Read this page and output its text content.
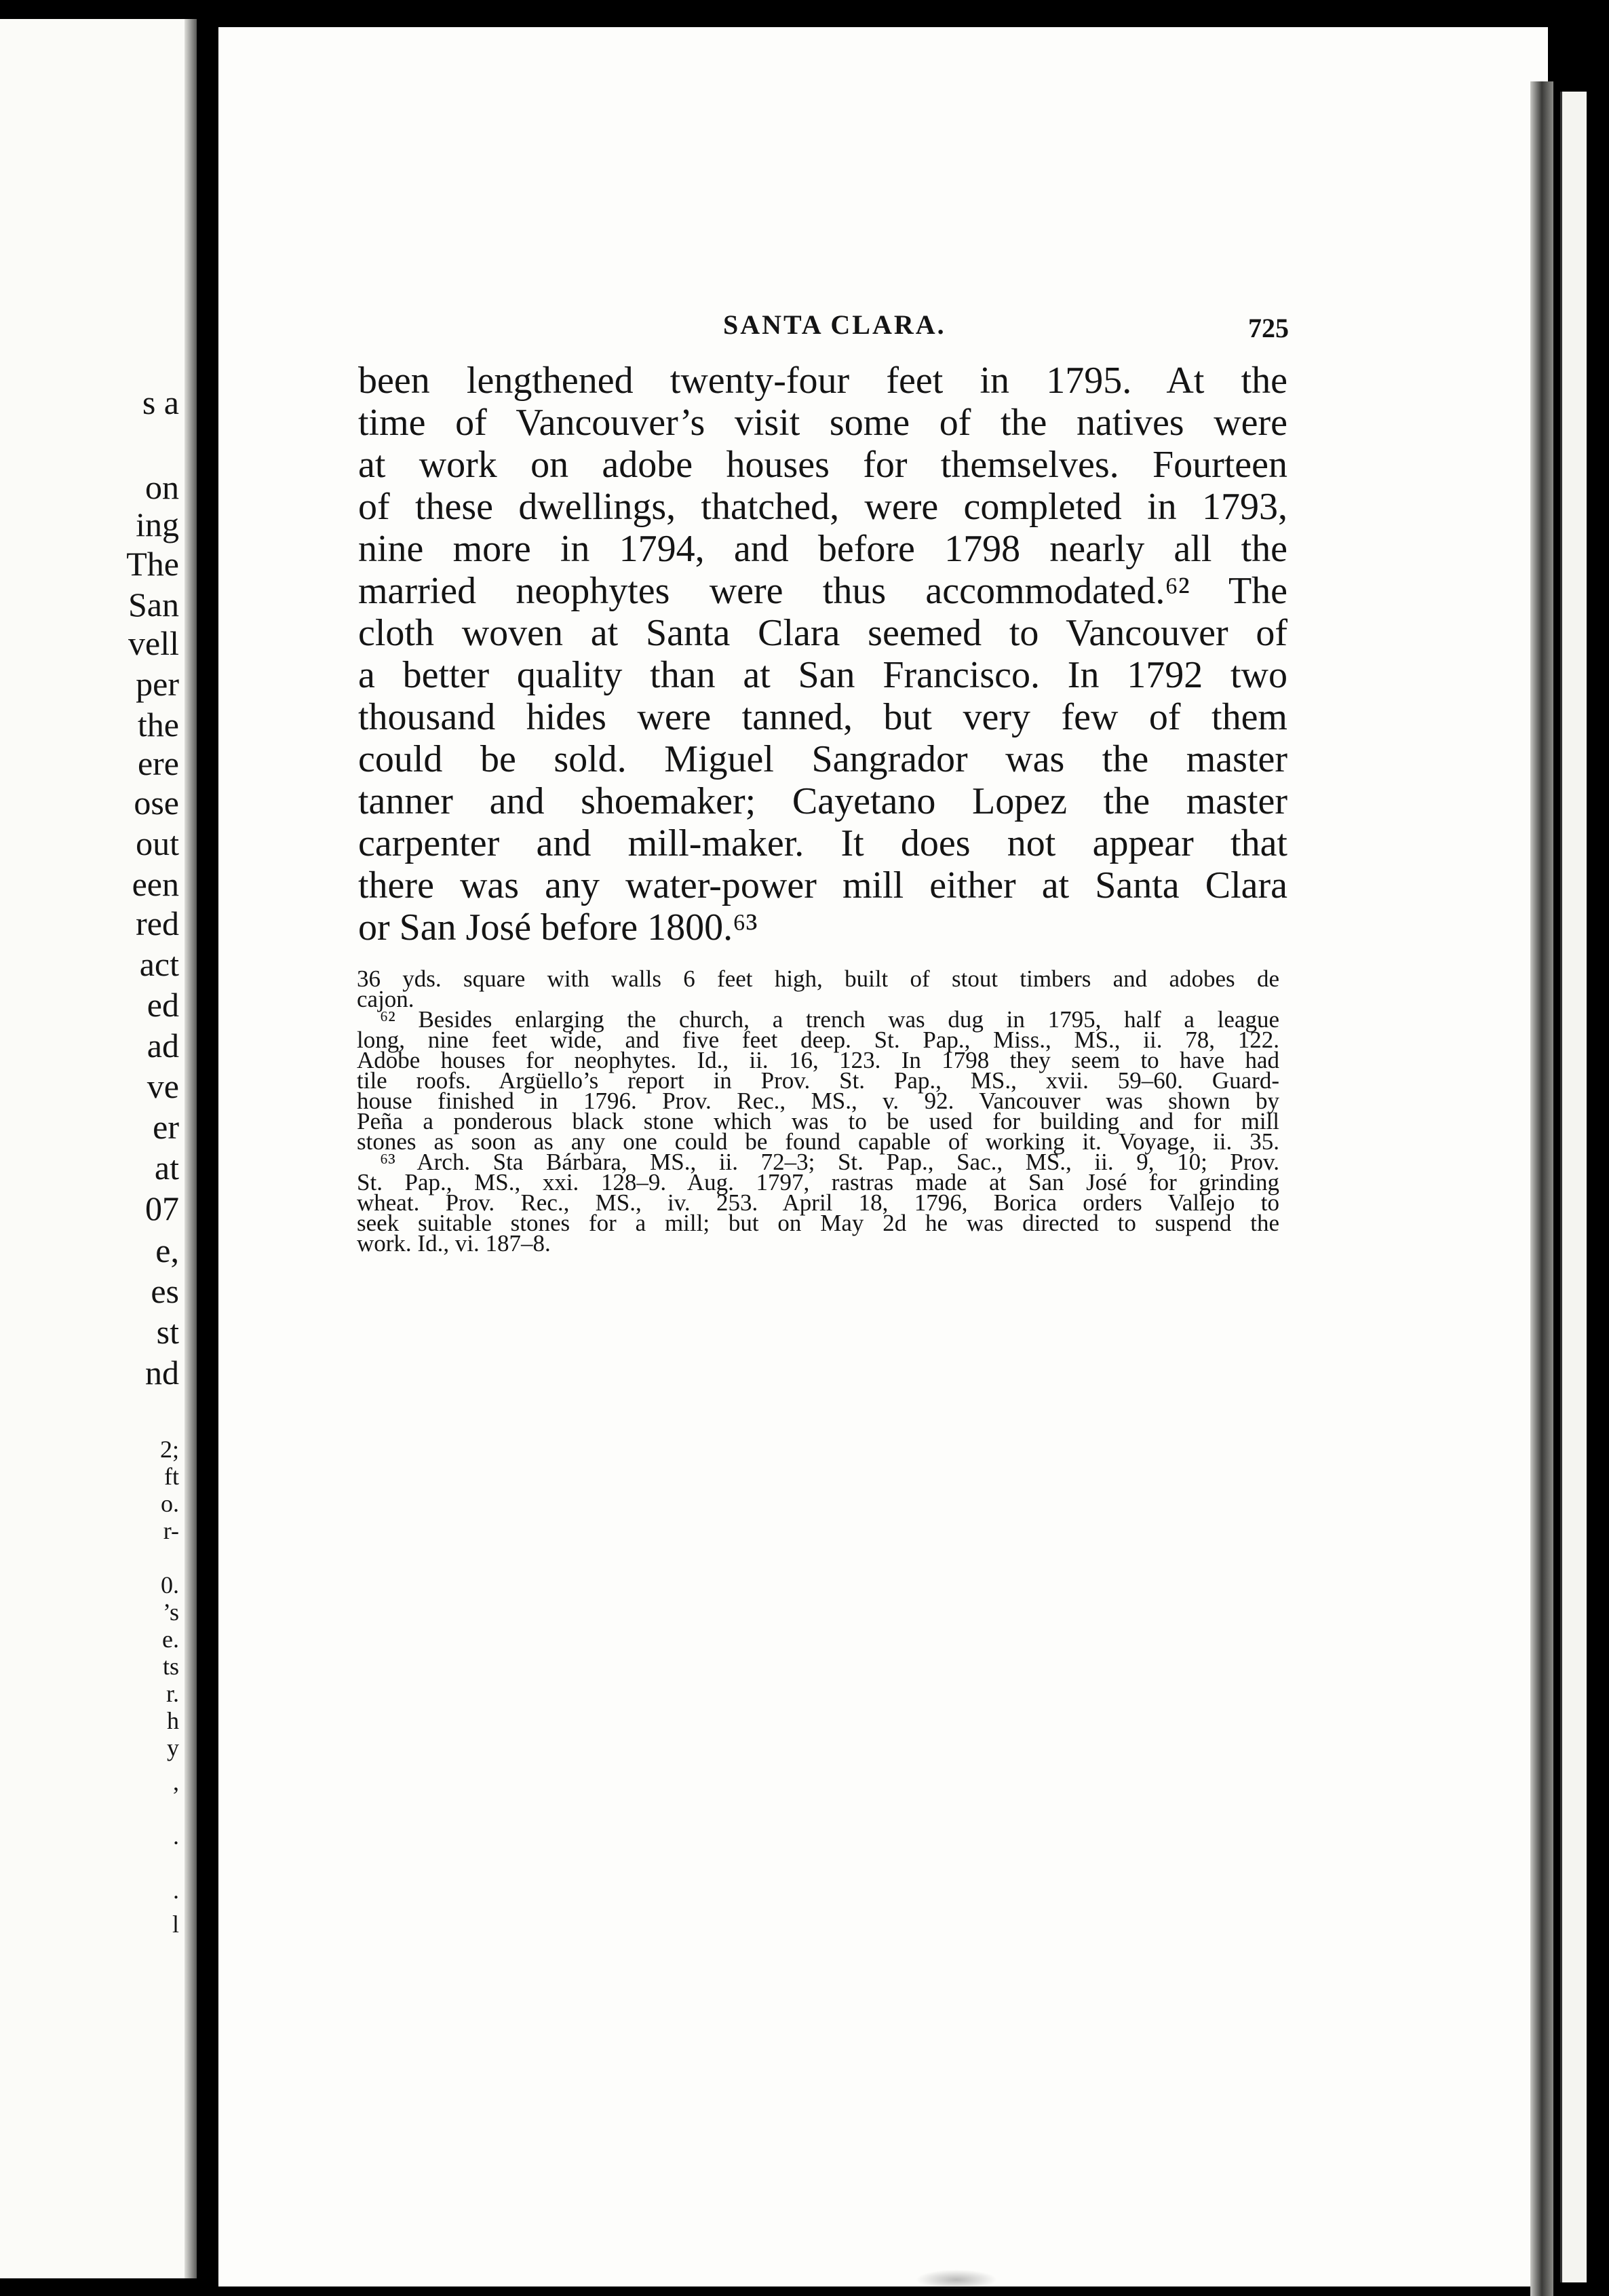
s a
on
ing
The
San
vell
per
the
ere
ose
out
een
red
act
ed
ad
ve
er
at
07
e,
es
st
nd
2;
ft
o.
r-
0.
’s
e.
ts
r.
h
y
,
.
.
l
SANTA CLARA.	725
been lengthened twenty-four feet in 1795. At the
time of Vancouver’s visit some of the natives were
at work on adobe houses for themselves. Fourteen
of these dwellings, thatched, were completed in 1793,
nine more in 1794, and before 1798 nearly all the
married neophytes were thus accommodated.⁶² The
cloth woven at Santa Clara seemed to Vancouver of
a better quality than at San Francisco. In 1792 two
thousand hides were tanned, but very few of them
could be sold. Miguel Sangrador was the master
tanner and shoemaker; Cayetano Lopez the master
carpenter and mill-maker. It does not appear that
there was any water-power mill either at Santa Clara
or San José before 1800.⁶³
36 yds. square with walls 6 feet high, built of stout timbers and adobes de
cajon.
⁶² Besides enlarging the church, a trench was dug in 1795, half a league
long, nine feet wide, and five feet deep. St. Pap., Miss., MS., ii. 78, 122.
Adobe houses for neophytes. Id., ii. 16, 123. In 1798 they seem to have had
tile roofs. Argüello’s report in Prov. St. Pap., MS., xvii. 59–60. Guard-
house finished in 1796. Prov. Rec., MS., v. 92. Vancouver was shown by
Peña a ponderous black stone which was to be used for building and for mill
stones as soon as any one could be found capable of working it. Voyage, ii. 35.
⁶³ Arch. Sta Bárbara, MS., ii. 72–3; St. Pap., Sac., MS., ii. 9, 10; Prov.
St. Pap., MS., xxi. 128–9. Aug. 1797, rastras made at San José for grinding
wheat. Prov. Rec., MS., iv. 253. April 18, 1796, Borica orders Vallejo to
seek suitable stones for a mill; but on May 2d he was directed to suspend the
work. Id., vi. 187–8.
